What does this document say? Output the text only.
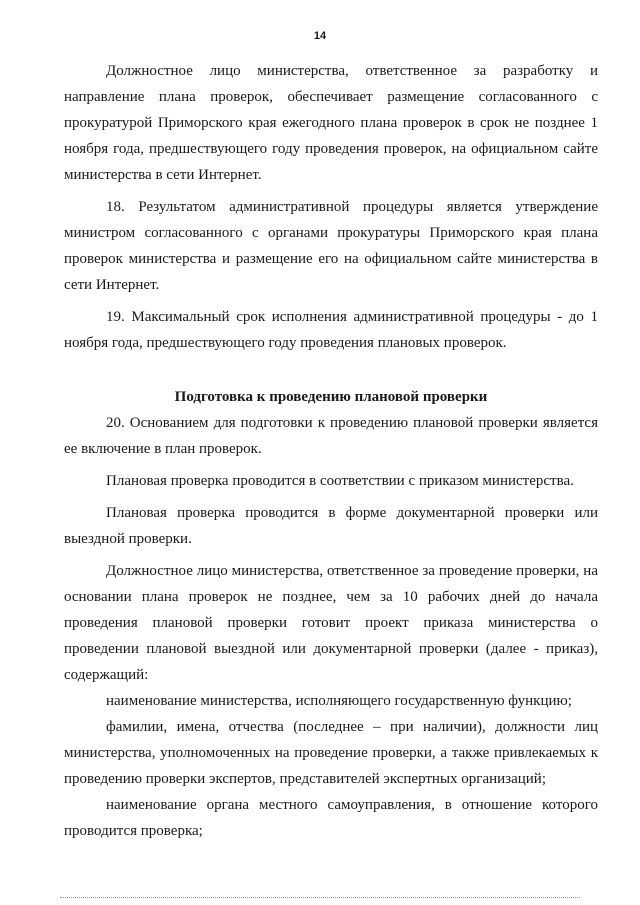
14

Должностное лицо министерства, ответственное за разработку и направление плана проверок, обеспечивает размещение согласованного с прокуратурой Приморского края ежегодного плана проверок в срок не позднее 1 ноября года, предшествующего году проведения проверок, на официальном сайте министерства в сети Интернет.

18. Результатом административной процедуры является утверждение министром согласованного с органами прокуратуры Приморского края плана проверок министерства и размещение его на официальном сайте министерства в сети Интернет.

19. Максимальный срок исполнения административной процедуры - до 1 ноября года, предшествующего году проведения плановых проверок.

Подготовка к проведению плановой проверки

20. Основанием для подготовки к проведению плановой проверки является ее включение в план проверок.

Плановая проверка проводится в соответствии с приказом министерства.

Плановая проверка проводится в форме документарной проверки или выездной проверки.

Должностное лицо министерства, ответственное за проведение проверки, на основании плана проверок не позднее, чем за 10 рабочих дней до начала проведения плановой проверки готовит проект приказа министерства о проведении плановой выездной или документарной проверки (далее - приказ), содержащий:

наименование министерства, исполняющего государственную функцию;

фамилии, имена, отчества (последнее – при наличии), должности лиц министерства, уполномоченных на проведение проверки, а также привлекаемых к проведению проверки экспертов, представителей экспертных организаций;

наименование органа местного самоуправления, в отношение которого проводится проверка;
